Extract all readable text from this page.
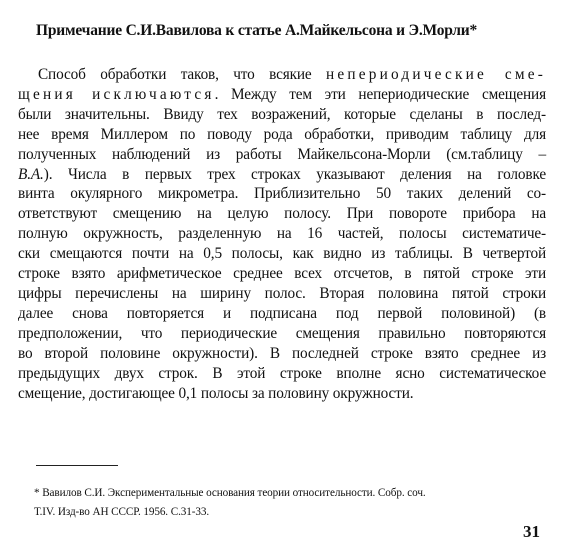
Примечание С.И.Вавилова к статье А.Майкельсона и Э.Морли*
Способ обработки таков, что всякие непериодические сме-
щения исключаются. Между тем эти непериодические смещения
были значительны. Ввиду тех возражений, которые сделаны в послед-
нее время Миллером по поводу рода обработки, приводим таблицу для
полученных наблюдений из работы Майкельсона-Морли (см.таблицу –
В.А.). Числа в первых трех строках указывают деления на головке
винта окулярного микрометра. Приблизительно 50 таких делений со-
ответствуют смещению на целую полосу. При повороте прибора на
полную окружность, разделенную на 16 частей, полосы систематиче-
ски смещаются почти на 0,5 полосы, как видно из таблицы. В четвертой
строке взято арифметическое среднее всех отсчетов, в пятой строке эти
цифры перечислены на ширину полос. Вторая половина пятой строки
далее снова повторяется и подписана под первой половиной) (в
предположении, что периодические смещения правильно повторяются
во второй половине окружности). В последней строке взято среднее из
предыдущих двух строк. В этой строке вполне ясно систематическое
смещение, достигающее 0,1 полосы за половину окружности.
* Вавилов С.И. Экспериментальные основания теории относительности. Собр. соч.
Т.IV. Изд-во АН СССР. 1956. С.31-33.
31
